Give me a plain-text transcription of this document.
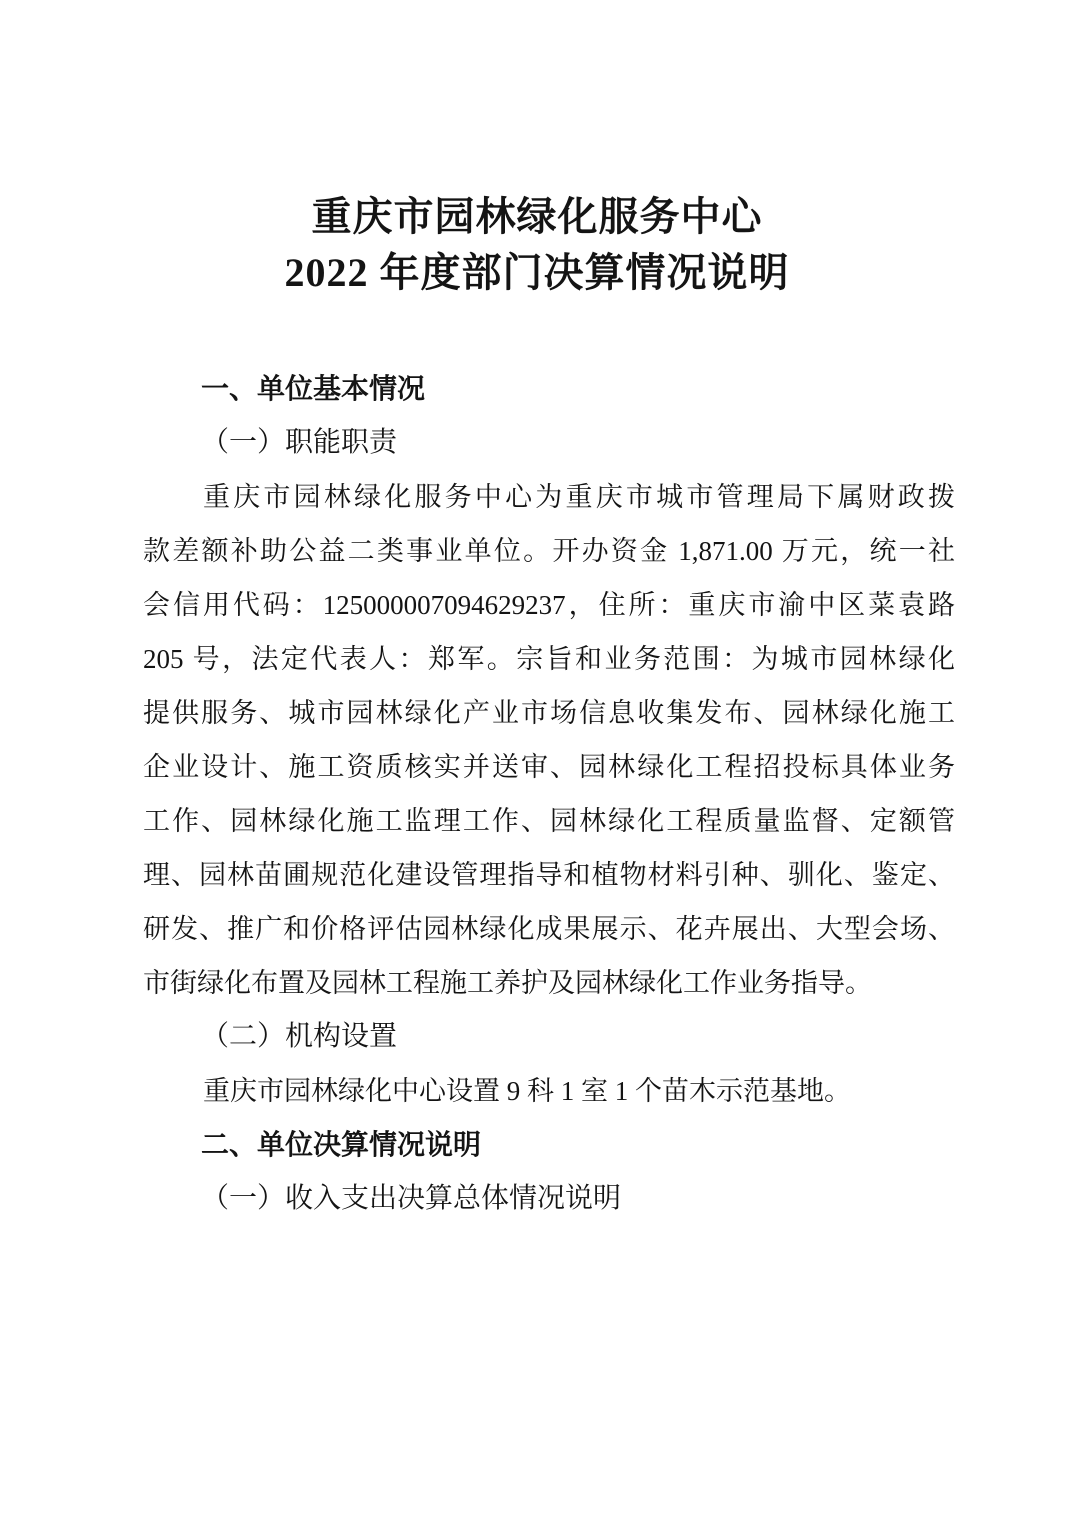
重庆市园林绿化服务中心
2022 年度部门决算情况说明
一、单位基本情况
（一）职能职责
重庆市园林绿化服务中心为重庆市城市管理局下属财政拨
款差额补助公益二类事业单位。开办资金 1,871.00 万元，统一社
会信用代码：125000007094629237，住所：重庆市渝中区菜袁路
205 号，法定代表人：郑军。宗旨和业务范围：为城市园林绿化
提供服务、城市园林绿化产业市场信息收集发布、园林绿化施工
企业设计、施工资质核实并送审、园林绿化工程招投标具体业务
工作、园林绿化施工监理工作、园林绿化工程质量监督、定额管
理、园林苗圃规范化建设管理指导和植物材料引种、驯化、鉴定、
研发、推广和价格评估园林绿化成果展示、花卉展出、大型会场、
市街绿化布置及园林工程施工养护及园林绿化工作业务指导。
（二）机构设置
重庆市园林绿化中心设置 9 科 1 室 1 个苗木示范基地。
二、单位决算情况说明
（一）收入支出决算总体情况说明
